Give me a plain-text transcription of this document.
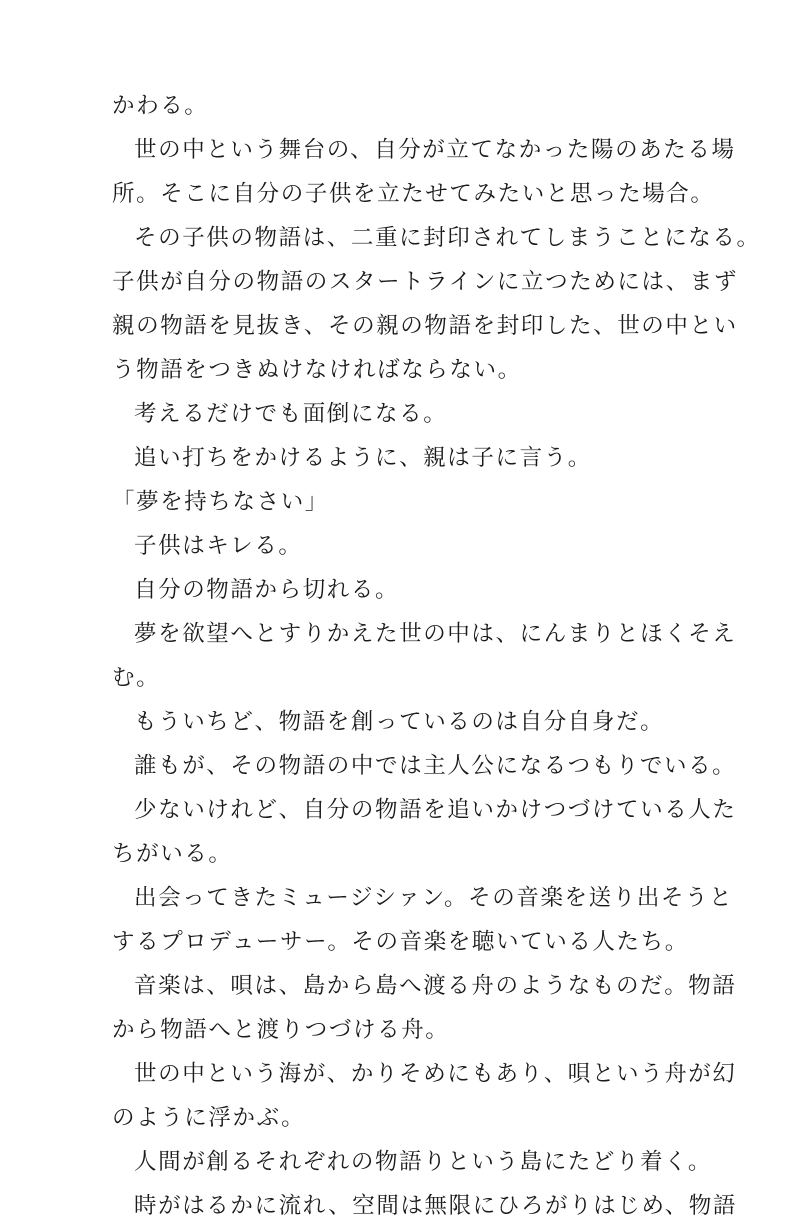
かわる。
世の中という舞台の、自分が立てなかった陽のあたる場
所。そこに自分の子供を立たせてみたいと思った場合。
その子供の物語は、二重に封印されてしまうことになる。
子供が自分の物語のスタートラインに立つためには、まず
親の物語を見抜き、その親の物語を封印した、世の中とい
う物語をつきぬけなければならない。
考えるだけでも面倒になる。
追い打ちをかけるように、親は子に言う。
「夢を持ちなさい」
子供はキレる。
自分の物語から切れる。
夢を欲望へとすりかえた世の中は、にんまりとほくそえ
む。
もういちど、物語を創っているのは自分自身だ。
誰もが、その物語の中では主人公になるつもりでいる。
少ないけれど、自分の物語を追いかけつづけている人た
ちがいる。
出会ってきたミュージシァン。その音楽を送り出そうと
するプロデューサー。その音楽を聴いている人たち。
音楽は、唄は、島から島へ渡る舟のようなものだ。物語
から物語へと渡りつづける舟。
世の中という海が、かりそめにもあり、唄という舟が幻
のように浮かぶ。
人間が創るそれぞれの物語りという島にたどり着く。
時がはるかに流れ、空間は無限にひろがりはじめ、物語
